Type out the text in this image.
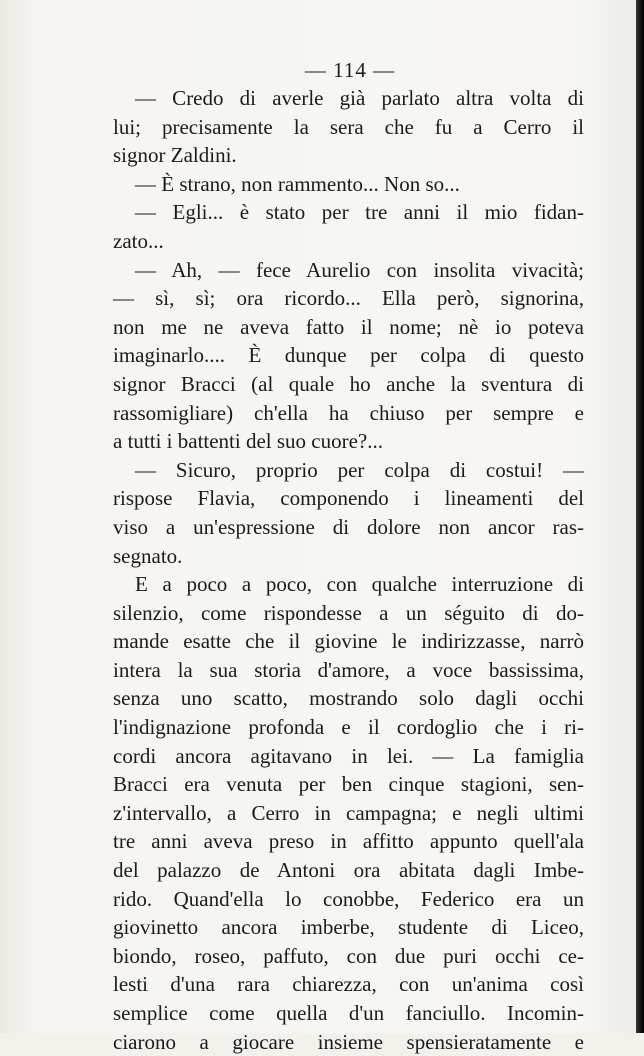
— 114 —
— Credo di averle già parlato altra volta di
lui; precisamente la sera che fu a Cerro il
signor Zaldini.
— È strano, non rammento... Non so...
— Egli... è stato per tre anni il mio fidan-
zato...
— Ah, — fece Aurelio con insolita vivacità;
— sì, sì; ora ricordo... Ella però, signorina,
non me ne aveva fatto il nome; nè io poteva
imaginarlo.... È dunque per colpa di questo
signor Bracci (al quale ho anche la sventura di
rassomigliare) ch'ella ha chiuso per sempre e
a tutti i battenti del suo cuore?...
— Sicuro, proprio per colpa di costui! —
rispose Flavia, componendo i lineamenti del
viso a un'espressione di dolore non ancor ras-
segnato.
E a poco a poco, con qualche interruzione di
silenzio, come rispondesse a un séguito di do-
mande esatte che il giovine le indirizzasse, narrò
intera la sua storia d'amore, a voce bassissima,
senza uno scatto, mostrando solo dagli occhi
l'indignazione profonda e il cordoglio che i ri-
cordi ancora agitavano in lei. — La famiglia
Bracci era venuta per ben cinque stagioni, sen-
z'intervallo, a Cerro in campagna; e negli ultimi
tre anni aveva preso in affitto appunto quell'ala
del palazzo de Antoni ora abitata dagli Imbe-
rido. Quand'ella lo conobbe, Federico era un
giovinetto ancora imberbe, studente di Liceo,
biondo, roseo, paffuto, con due puri occhi ce-
lesti d'una rara chiarezza, con un'anima così
semplice come quella d'un fanciullo. Incomin-
ciarono a giocare insieme spensieratamente e
